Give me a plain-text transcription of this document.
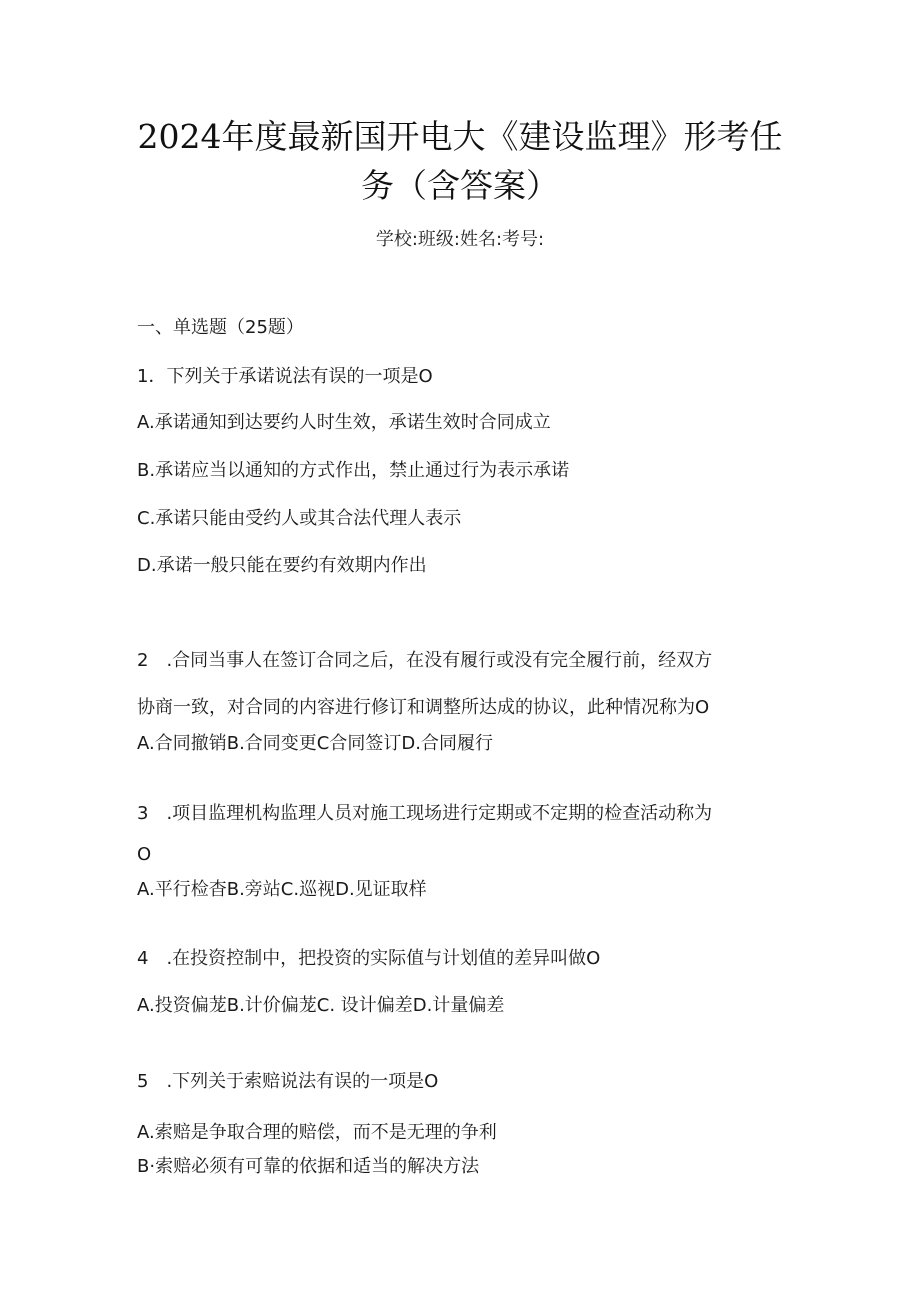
2024年度最新国开电大《建设监理》形考任
务（含答案）
学校:班级:姓名:考号:
一、单选题（25题）
1．下列关于承诺说法有误的一项是O
A.承诺通知到达要约人时生效，承诺生效时合同成立
B.承诺应当以通知的方式作出，禁止通过行为表示承诺
C.承诺只能由受约人或其合法代理人表示
D.承诺一般只能在要约有效期内作出
2　.合同当事人在签订合同之后，在没有履行或没有完全履行前，经双方
协商一致，对合同的内容进行修订和调整所达成的协议，此种情况称为O
A.合同撤销B.合同变更C合同签订D.合同履行
3　.项目监理机构监理人员对施工现场进行定期或不定期的检查活动称为
O
A.平行检杳B.旁站C.巡视D.见证取样
4　.在投资控制中，把投资的实际值与计划值的差异叫做O
A.投资偏茏B.计价偏茏C. 设计偏差D.计量偏差
5　.下列关于索赔说法有误的一项是O
A.索赔是争取合理的赔偿，而不是无理的争利
B·索赔必须有可靠的依据和适当的解决方法
